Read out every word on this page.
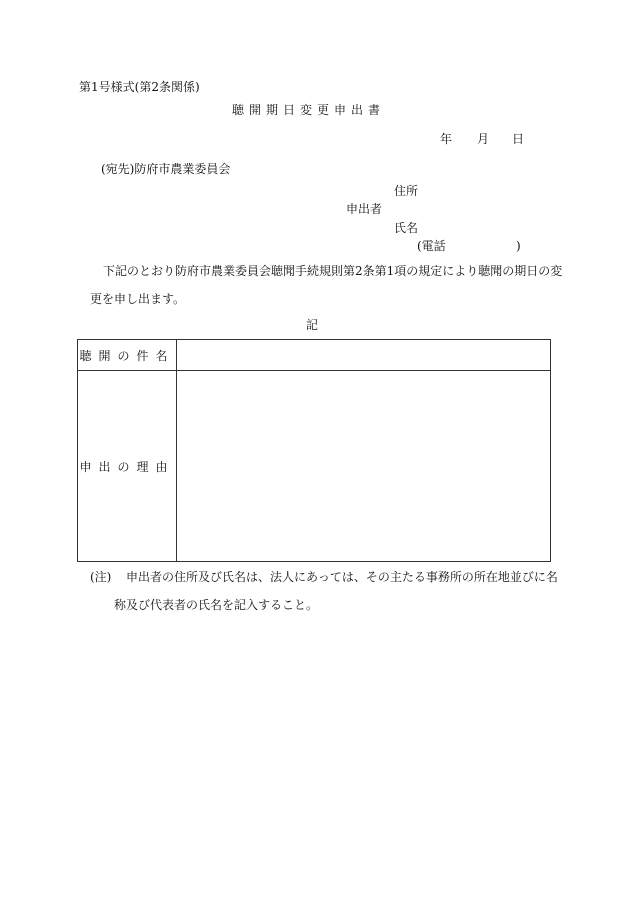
第1号様式(第2条関係)
聴開期日変更申出書
年 月 日
(宛先)防府市農業委員会
住所
申出者
氏名
(電話	)
下記のとおり防府市農業委員会聴聞手続規則第2条第1項の規定により聴聞の期日の変
更を申し出ます。
記
聴開の件名	
申出の理由	
(注) 申出者の住所及び氏名は、法人にあっては、その主たる事務所の所在地並びに名
称及び代表者の氏名を記入すること。
